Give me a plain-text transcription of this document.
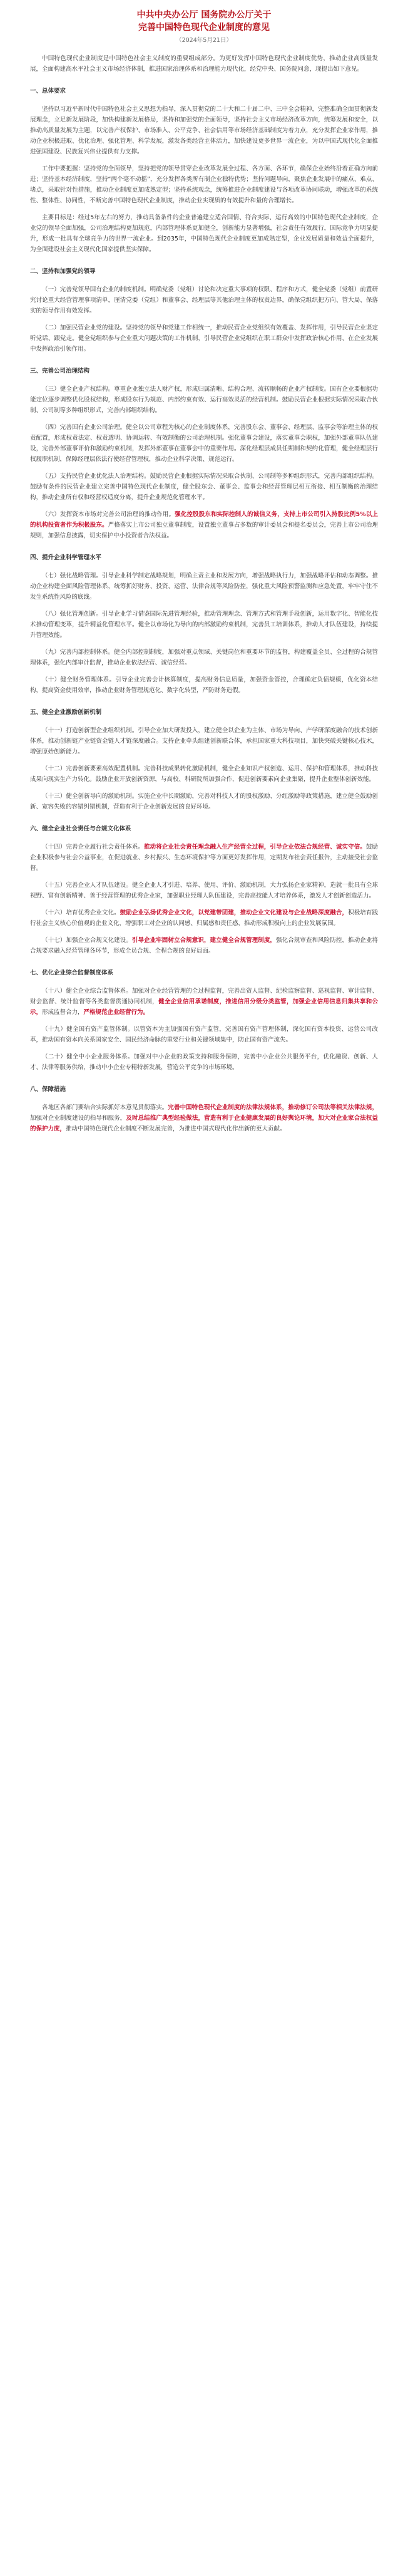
中共中央办公厅 国务院办公厅关于

完善中国特色现代企业制度的意见

（2024年5月21日）

中国特色现代企业制度是中国特色社会主义制度的重要组成部分。为更好发挥中国特色现代企业制度优势，推动企业高质量发展，全面构建高水平社会主义市场经济体制，推进国家治理体系和治理能力现代化，经党中央、国务院同意，现提出如下意见。

一、总体要求

坚持以习近平新时代中国特色社会主义思想为指导，深入贯彻党的二十大和二十届二中、三中全会精神，完整准确全面贯彻新发展理念，立足新发展阶段，加快构建新发展格局，坚持和加强党的全面领导，坚持社会主义市场经济改革方向，统筹发展和安全，以推动高质量发展为主题，以完善产权保护、市场准入、公平竞争、社会信用等市场经济基础制度为着力点，充分发挥企业家作用，推动企业积极进取、优化治理、强化管理、科学发展，激发各类经营主体活力，加快建设更多世界一流企业，为以中国式现代化全面推进强国建设、民族复兴伟业提供有力支撑。

工作中要把握：坚持党的全面领导，坚持把党的领导贯穿企业改革发展全过程、各方面、各环节，确保企业始终沿着正确方向前进；坚持基本经济制度，坚持“两个毫不动摇”，充分发挥各类所有制企业独特优势；坚持问题导向，聚焦企业发展中的痛点、难点、堵点，采取针对性措施，推动企业制度更加成熟定型；坚持系统观念，统筹推进企业制度建设与各项改革协同联动，增强改革的系统性、整体性、协同性，不断完善中国特色现代企业制度，推动企业实现质的有效提升和量的合理增长。

主要目标是：经过5年左右的努力，推动具备条件的企业普遍建立适合国情、符合实际、运行高效的中国特色现代企业制度，企业党的领导全面加强，公司治理结构更加规范，内部管理体系更加健全，创新能力显著增强，社会责任有效履行，国际竞争力明显提升，形成一批具有全球竞争力的世界一流企业。到2035年，中国特色现代企业制度更加成熟定型，企业发展质量和效益全面提升，为全面建设社会主义现代化国家提供坚实保障。

二、坚持和加强党的领导

（一）完善党领导国有企业的制度机制。明确党委（党组）讨论和决定重大事项的权限、程序和方式，健全党委（党组）前置研究讨论重大经营管理事项清单，厘清党委（党组）和董事会、经理层等其他治理主体的权责边界，确保党组织把方向、管大局、保落实的领导作用有效发挥。

（二）加强民营企业党的建设。坚持党的领导和党建工作相统一，推动民营企业党组织有效覆盖、发挥作用，引导民营企业坚定听党话、跟党走。健全党组织参与企业重大问题决策的工作机制，引导民营企业党组织在职工群众中发挥政治核心作用、在企业发展中发挥政治引领作用。

三、完善公司治理结构

（三）健全企业产权结构。尊重企业独立法人财产权，形成归属清晰、结构合理、流转顺畅的企业产权制度。国有企业要根据功能定位逐步调整优化股权结构，形成股东行为规范、内部约束有效、运行高效灵活的经营机制。鼓励民营企业根据实际情况采取合伙制、公司制等多种组织形式，完善内部组织结构。

（四）完善国有企业公司治理。健全以公司章程为核心的企业制度体系，完善股东会、董事会、经理层、监事会等治理主体的权责配置，形成权责法定、权责透明、协调运转、有效制衡的公司治理机制。强化董事会建设，落实董事会职权，加强外部董事队伍建设，完善外部董事评价和激励约束机制，发挥外部董事在董事会中的重要作用。深化经理层成员任期制和契约化管理，健全经理层行权履职机制，保障经理层依法行使经营管理权，推动企业科学决策、规范运行。

（五）支持民营企业优化法人治理结构。鼓励民营企业根据实际情况采取合伙制、公司制等多种组织形式，完善内部组织结构。鼓励有条件的民营企业建立完善中国特色现代企业制度，健全股东会、董事会、监事会和经营管理层相互衔接、相互制衡的治理结构，推动企业所有权和经营权适度分离，提升企业规范化管理水平。

（六）发挥资本市场对完善公司治理的推动作用。强化控股股东和实际控制人的诚信义务，支持上市公司引入持股比例5%以上的机构投资者作为积极股东。严格落实上市公司独立董事制度，设置独立董事占多数的审计委员会和提名委员会，完善上市公司治理规则，加强信息披露，切实保护中小投资者合法权益。

四、提升企业科学管理水平

（七）强化战略管理。引导企业科学制定战略规划，明确主责主业和发展方向，增强战略执行力，加强战略评估和动态调整。推动企业构建全面风险管理体系，统筹抓好财务、投资、运营、法律合规等风险防控，强化重大风险预警监测和应急处置，牢牢守住不发生系统性风险的底线。

（八）强化管理创新。引导企业学习借鉴国际先进管理经验，推动管理理念、管理方式和管理手段创新，运用数字化、智能化技术推动管理变革，提升精益化管理水平。健全以市场化为导向的内部激励约束机制，完善员工培训体系，推动人才队伍建设，持续提升管理效能。

（九）完善内部控制体系。健全内部控制制度，加强对重点领域、关键岗位和重要环节的监督，构建覆盖全员、全过程的合规管理体系，强化内部审计监督，推动企业依法经营、诚信经营。

（十）健全财务管理体系。引导企业完善会计核算制度，提高财务信息质量，加强资金管控，合理确定负债规模，优化资本结构，提高资金使用效率，推动企业财务管理规范化、数字化转型，严防财务造假。

五、健全企业激励创新机制

（十一）打造创新型企业组织机制。引导企业加大研发投入，建立健全以企业为主体、市场为导向、产学研深度融合的技术创新体系，推动创新链产业链资金链人才链深度融合。支持企业牵头组建创新联合体，承担国家重大科技项目，加快突破关键核心技术，增强原始创新能力。

（十二）完善创新要素高效配置机制。完善科技成果转化激励机制，健全企业知识产权创造、运用、保护和管理体系，推动科技成果向现实生产力转化。鼓励企业开放创新资源，与高校、科研院所加强合作，促进创新要素向企业集聚，提升企业整体创新效能。

（十三）健全创新导向的激励机制。实施企业中长期激励，完善对科技人才的股权激励、分红激励等政策措施，建立健全鼓励创新、宽容失败的容错纠错机制，营造有利于企业创新发展的良好环境。

六、健全企业社会责任与合规文化体系

（十四）完善企业履行社会责任体系。推动将企业社会责任理念融入生产经营全过程，引导企业依法合规经营、诚实守信。鼓励企业积极参与社会公益事业，在促进就业、乡村振兴、生态环境保护等方面更好发挥作用，定期发布社会责任报告，主动接受社会监督。

（十五）完善企业人才队伍建设。健全企业人才引进、培养、使用、评价、激励机制，大力弘扬企业家精神，造就一批具有全球视野、富有创新精神、善于经营管理的优秀企业家，加强职业经理人队伍建设，完善高技能人才培养体系，激发人才创新创造活力。

（十六）培育优秀企业文化。鼓励企业弘扬优秀企业文化，以党建带团建，推动企业文化建设与企业战略深度融合，积极培育践行社会主义核心价值观的企业文化，增强职工对企业的认同感、归属感和责任感，推动形成积极向上的企业发展氛围。

（十七）加强企业合规文化建设。引导企业牢固树立合规意识，建立健全合规管理制度，强化合规审查和风险防控，推动企业将合规要求融入经营管理各环节，形成全员合规、全程合规的良好局面。

七、优化企业综合监督制度体系

（十八）健全企业综合监督体系。加强对企业经营管理的全过程监督，完善出资人监督、纪检监察监督、巡视监督、审计监督、财会监督、统计监督等各类监督贯通协同机制，健全企业信用承诺制度，推进信用分级分类监管，加强企业信用信息归集共享和公示，形成监督合力，严格规范企业经营行为。

（十九）健全国有资产监管体制。以管资本为主加强国有资产监管，完善国有资产管理体制，深化国有资本投资、运营公司改革，推动国有资本向关系国家安全、国民经济命脉的重要行业和关键领域集中，防止国有资产流失。

（二十）健全中小企业服务体系。加强对中小企业的政策支持和服务保障，完善中小企业公共服务平台，优化融资、创新、人才、法律等服务供给，推动中小企业专精特新发展，营造公平竞争的市场环境。

八、保障措施

各地区各部门要结合实际抓好本意见贯彻落实。完善中国特色现代企业制度的法律法规体系，推动修订公司法等相关法律法规，加强对企业制度建设的指导和服务，及时总结推广典型经验做法，营造有利于企业健康发展的良好舆论环境，加大对企业家合法权益的保护力度，推动中国特色现代企业制度不断发展完善，为推进中国式现代化作出新的更大贡献。
